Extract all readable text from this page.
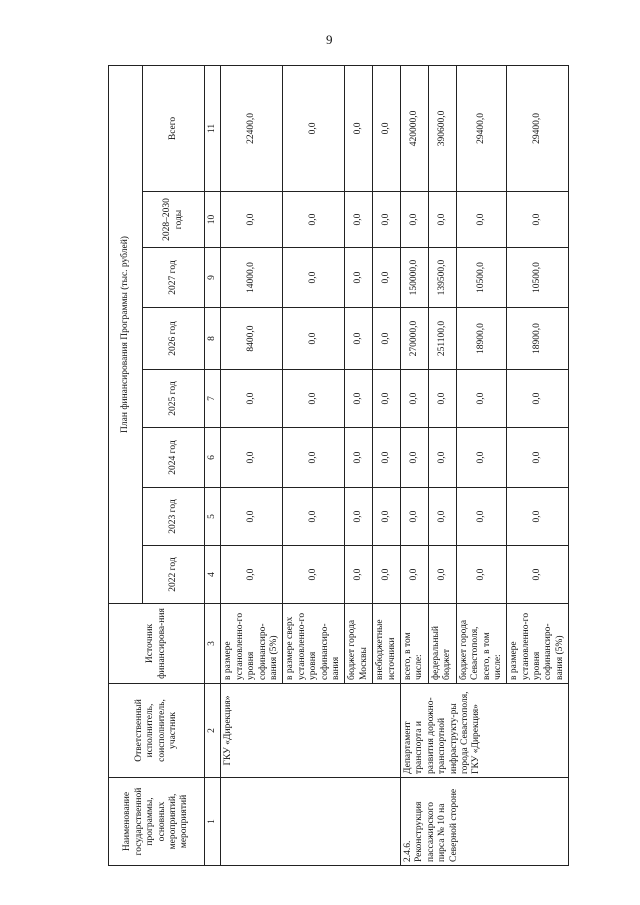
9
Наименование государственной программы, основных мероприятий, мероприятий	Ответственный исполнитель, соисполнитель, участник	Источник финансирова-ния	План финансирования Программы (тыс. рублей)							
			2022 год	2023 год	2024 год	2025 год	2026 год	2027 год	2028–2030 годы	Всего
1	2	3	4	5	6	7	8	9	10	11
	ГКУ «Дирекция»	в размере установленно-го уровня софинансиро-вания (5%)	0,0	0,0	0,0	0,0	8400,0	14000,0	0,0	22400,0
		в размере сверх установленно-го уровня софинансиро-вания	0,0	0,0	0,0	0,0	0,0	0,0	0,0	0,0
		бюджет города Москвы	0,0	0,0	0,0	0,0	0,0	0,0	0,0	0,0
		внебюджетные источники	0,0	0,0	0,0	0,0	0,0	0,0	0,0	0,0
2.4.6. Реконструкция пассажирского пирса № 10 на Северной стороне	Департамент транспорта и развития дорожно-транспортной инфраструкту-ры города Севастополя, ГКУ «Дирекция»	всего, в том числе:	0,0	0,0	0,0	0,0	270000,0	150000,0	0,0	420000,0
		федеральный бюджет	0,0	0,0	0,0	0,0	251100,0	139500,0	0,0	390600,0
		бюджет города Севастополя, всего, в том числе:	0,0	0,0	0,0	0,0	18900,0	10500,0	0,0	29400,0
		в размере установленно-го уровня софинансиро-вания (5%)	0,0	0,0	0,0	0,0	18900,0	10500,0	0,0	29400,0
